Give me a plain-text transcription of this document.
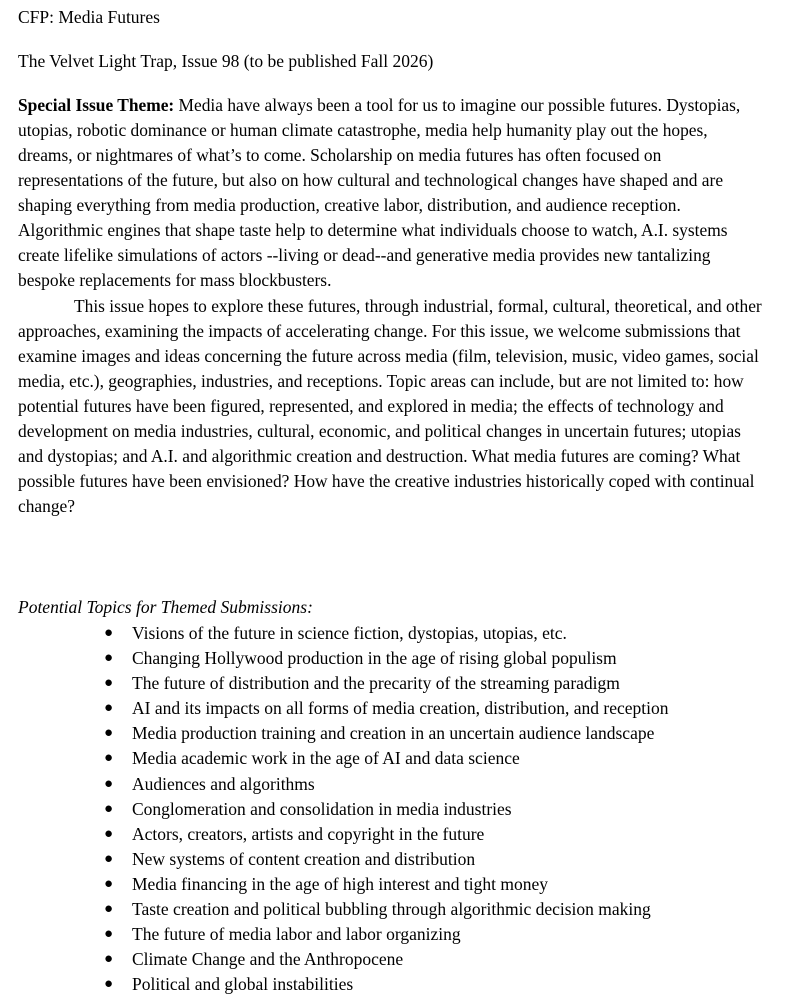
CFP: Media Futures
The Velvet Light Trap, Issue 98 (to be published Fall 2026)

Special Issue Theme: Media have always been a tool for us to imagine our possible futures. Dystopias, utopias, robotic dominance or human climate catastrophe, media help humanity play out the hopes, dreams, or nightmares of what’s to come. Scholarship on media futures has often focused on representations of the future, but also on how cultural and technological changes have shaped and are shaping everything from media production, creative labor, distribution, and audience reception. Algorithmic engines that shape taste help to determine what individuals choose to watch, A.I. systems create lifelike simulations of actors --living or dead--and generative media provides new tantalizing bespoke replacements for mass blockbusters.

This issue hopes to explore these futures, through industrial, formal, cultural, theoretical, and other approaches, examining the impacts of accelerating change. For this issue, we welcome submissions that examine images and ideas concerning the future across media (film, television, music, video games, social media, etc.), geographies, industries, and receptions. Topic areas can include, but are not limited to: how potential futures have been figured, represented, and explored in media; the effects of technology and development on media industries, cultural, economic, and political changes in uncertain futures; utopias and dystopias; and A.I. and algorithmic creation and destruction. What media futures are coming? What possible futures have been envisioned? How have the creative industries historically coped with continual change?

Potential Topics for Themed Submissions:
● Visions of the future in science fiction, dystopias, utopias, etc.
● Changing Hollywood production in the age of rising global populism
● The future of distribution and the precarity of the streaming paradigm
● AI and its impacts on all forms of media creation, distribution, and reception
● Media production training and creation in an uncertain audience landscape
● Media academic work in the age of AI and data science
● Audiences and algorithms
● Conglomeration and consolidation in media industries
● Actors, creators, artists and copyright in the future
● New systems of content creation and distribution
● Media financing in the age of high interest and tight money
● Taste creation and political bubbling through algorithmic decision making
● The future of media labor and labor organizing
● Climate Change and the Anthropocene
● Political and global instabilities
